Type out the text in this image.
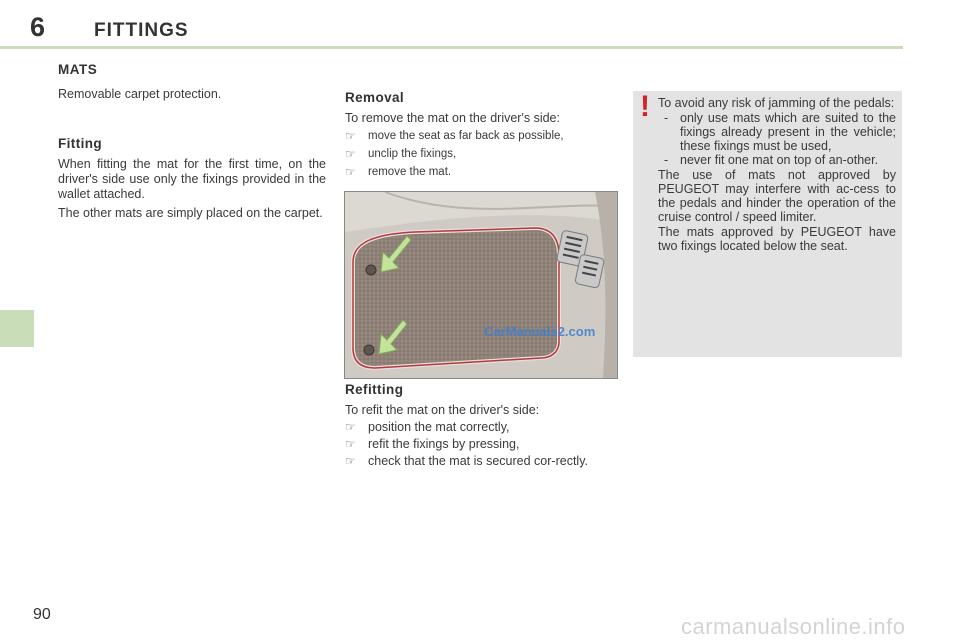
6	FITTINGS
MATS
Removable carpet protection.
Fitting

When fitting the mat for the first time, on the driver's side use only the fixings provided in the wallet attached.

The other mats are simply placed on the carpet.

Removal

To remove the mat on the driver's side:

☞ move the seat as far back as possible,
☞ unclip the fixings,
☞ remove the mat.
CarManuals2.com
Refitting

To refit the mat on the driver's side:

☞ position the mat correctly,
☞ refit the fixings by pressing,
☞ check that the mat is secured cor-rectly.
! To avoid any risk of jamming of the pedals:

- only use mats which are suited to the fixings already present in the vehicle; these fixings must be used,
- never fit one mat on top of an-other.

The use of mats not approved by PEUGEOT may interfere with ac-cess to the pedals and hinder the operation of the cruise control / speed limiter.

The mats approved by PEUGEOT have two fixings located below the seat.

90	carmanualsonline.info
